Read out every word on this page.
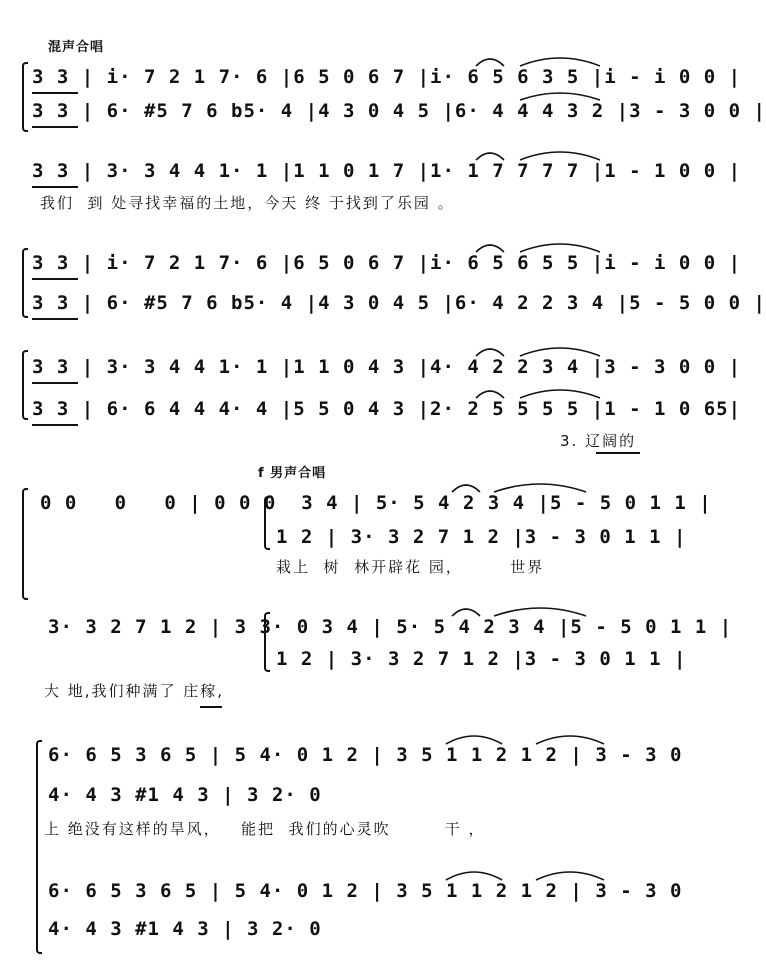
混声合唱
f 男声合唱
3 3 | i· 7 2 1 7· 6 |6 5 0 6 7 |i· 6 5 6 3 5 |i - i 0 0 |
3 3 | 6· #5 7 6 b5· 4 |4 3 0 4 5 |6· 4 4 4 3 2 |3 - 3 0 0 |
3 3 | 3· 3 4 4 1· 1 |1 1 0 1 7 |1· 1 7 7 7 7 |1 - 1 0 0 |
我们  到 处寻找幸福的土地，今天 终 于找到了乐园 。
3 3 | i· 7 2 1 7· 6 |6 5 0 6 7 |i· 6 5 6 5 5 |i - i 0 0 |
3 3 | 6· #5 7 6 b5· 4 |4 3 0 4 5 |6· 4 2 2 3 4 |5 - 5 0 0 |
3 3 | 3· 3 4 4 1· 1 |1 1 0 4 3 |4· 4 2 2 3 4 |3 - 3 0 0 |
3 3 | 6· 6 4 4 4· 4 |5 5 0 4 3 |2· 2 5 5 5 5 |1 - 1 0 65|
3. 辽阔的
0 0   0   0 | 0 0 0  3 4 | 5· 5 4 2 3 4 |5 - 5 0 1 1 |
1 2 | 3· 3 2 7 1 2 |3 - 3 0 1 1 |
栽上  树  林开辟花 园，       世界
3· 3 2 7 1 2 | 3 3· 0 3 4 | 5· 5 4 2 3 4 |5 - 5 0 1 1 |
1 2 | 3· 3 2 7 1 2 |3 - 3 0 1 1 |
大 地,我们种满了 庄稼,
6· 6 5 3 6 5 | 5 4· 0 1 2 | 3 5 1 1 2 1 2 | 3 - 3 0
4· 4 3 #1 4 3 | 3 2· 0
上 绝没有这样的旱风，   能把  我们的心灵吹        干 ，
6· 6 5 3 6 5 | 5 4· 0 1 2 | 3 5 1 1 2 1 2 | 3 - 3 0
4· 4 3 #1 4 3 | 3 2· 0
